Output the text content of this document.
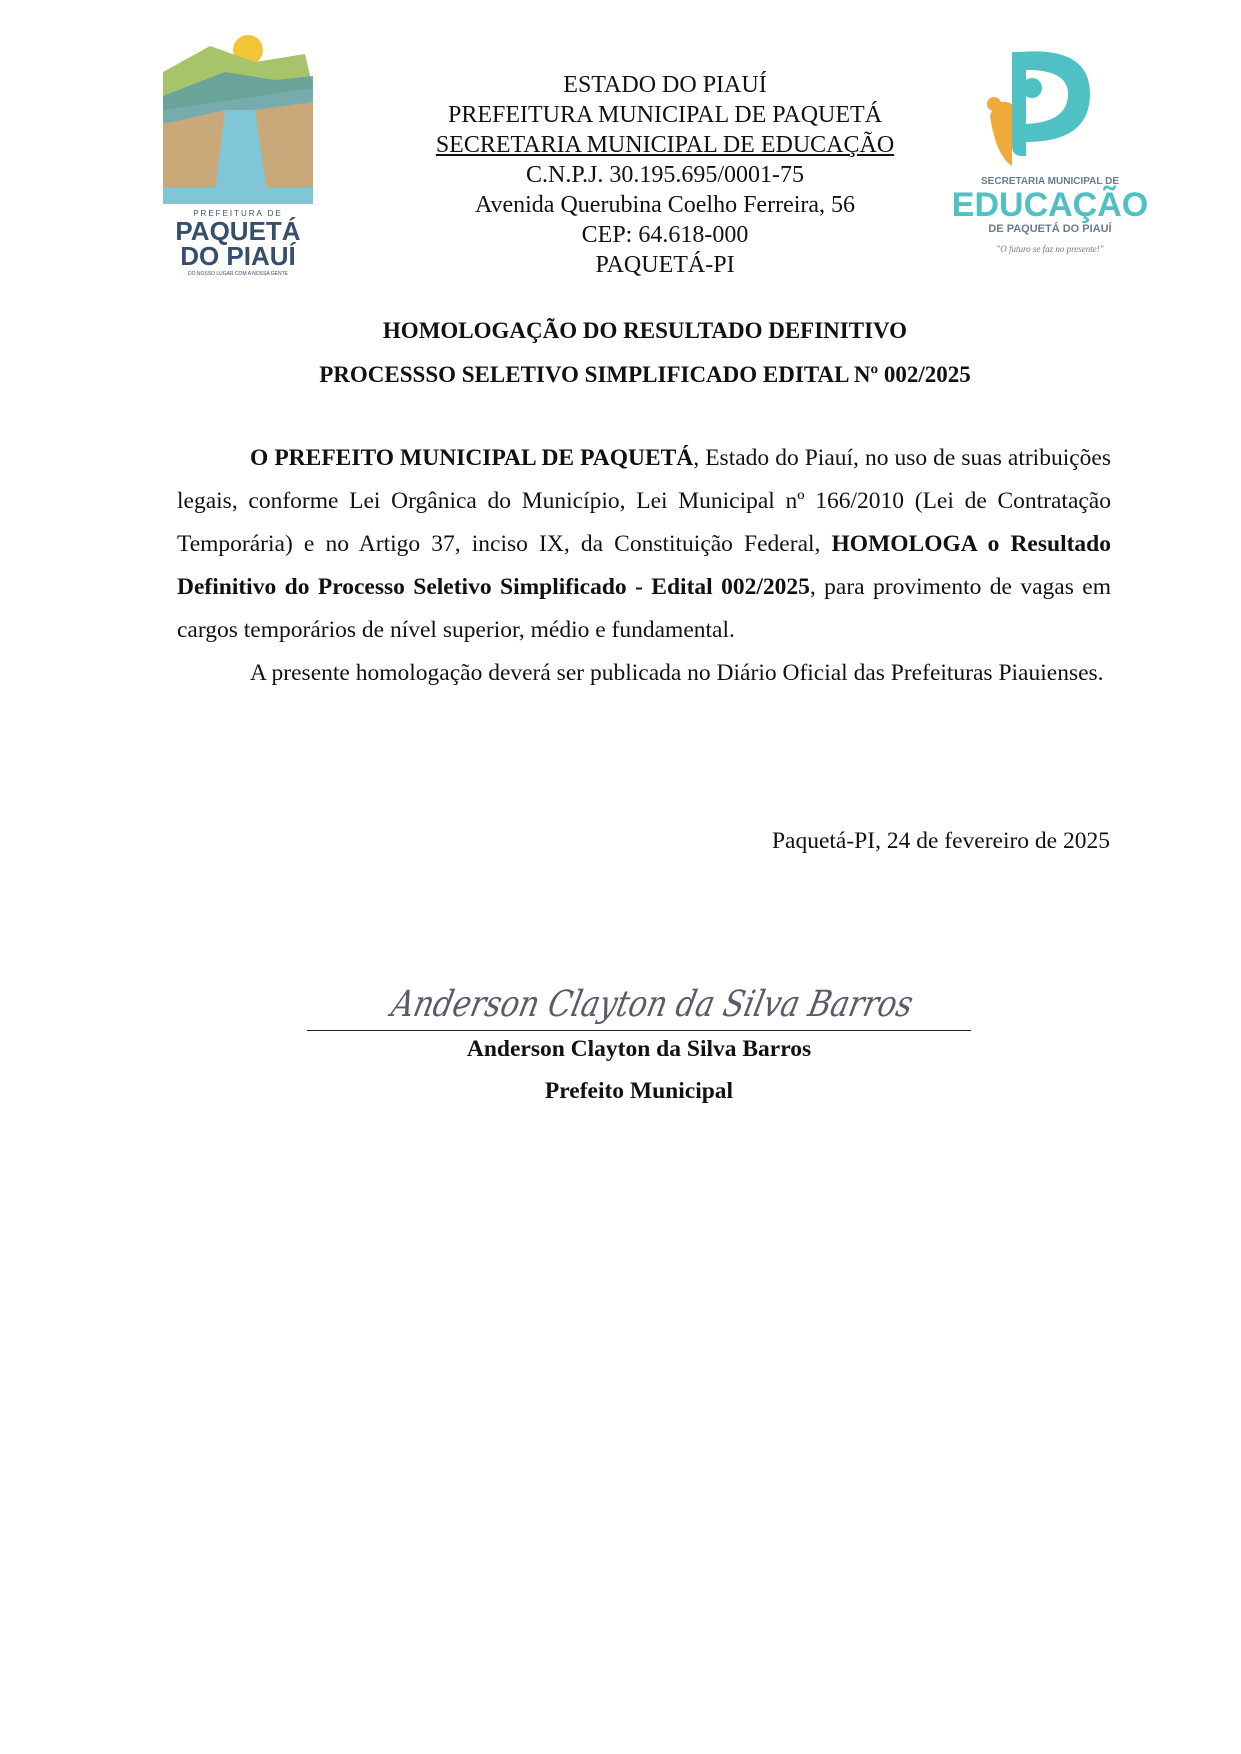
PREFEITURA DE
PAQUETÁ
DO PIAUÍ
DO NOSSO LUGAR COM A NOSSA GENTE
SECRETARIA MUNICIPAL DE
EDUCAÇÃO
DE PAQUETÁ DO PIAUÍ
"O futuro se faz no presente!"
ESTADO DO PIAUÍ
PREFEITURA MUNICIPAL DE PAQUETÁ
SECRETARIA MUNICIPAL DE EDUCAÇÃO
C.N.P.J. 30.195.695/0001-75
Avenida Querubina Coelho Ferreira, 56
CEP: 64.618-000
PAQUETÁ-PI
HOMOLOGAÇÃO DO RESULTADO DEFINITIVO
PROCESSSO SELETIVO SIMPLIFICADO EDITAL Nº 002/2025

O PREFEITO MUNICIPAL DE PAQUETÁ, Estado do Piauí, no uso de suas atribuições legais, conforme Lei Orgânica do Município, Lei Municipal nº 166/2010 (Lei de Contratação Temporária) e no Artigo 37, inciso IX, da Constituição Federal, HOMOLOGA o Resultado Definitivo do Processo Seletivo Simplificado - Edital 002/2025, para provimento de vagas em cargos temporários de nível superior, médio e fundamental.

A presente homologação deverá ser publicada no Diário Oficial das Prefeituras Piauienses.

Paquetá-PI, 24 de fevereiro de 2025
Anderson Clayton da Silva Barros
Anderson Clayton da Silva Barros
Prefeito Municipal
